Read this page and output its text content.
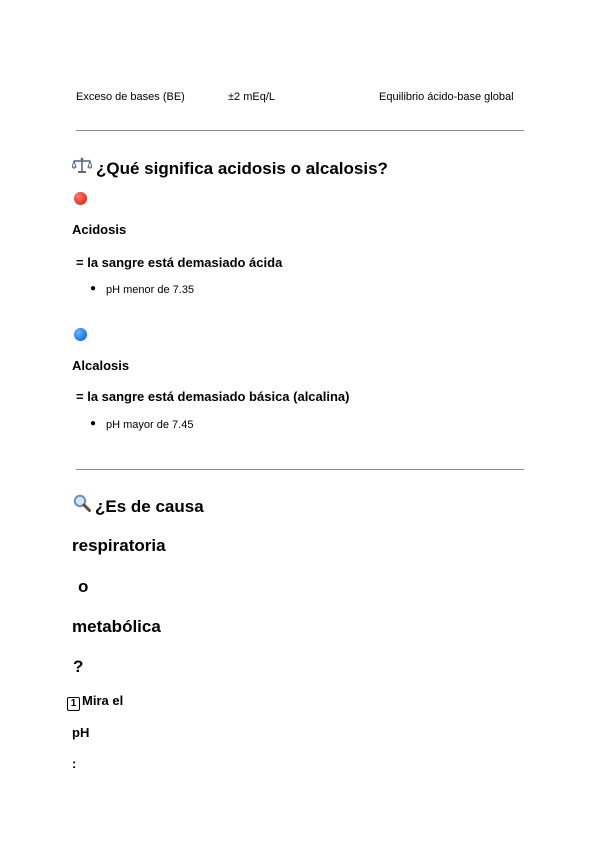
Exceso de bases (BE)	±2 mEq/L	Equilibrio ácido-base global
¿Qué significa acidosis o alcalosis?
Acidosis
= la sangre está demasiado ácida
● pH menor de 7.35
Alcalosis
= la sangre está demasiado básica (alcalina)
● pH mayor de 7.45
¿Es de causa
respiratoria
o
metabólica
?
1 Mira el
pH
:
